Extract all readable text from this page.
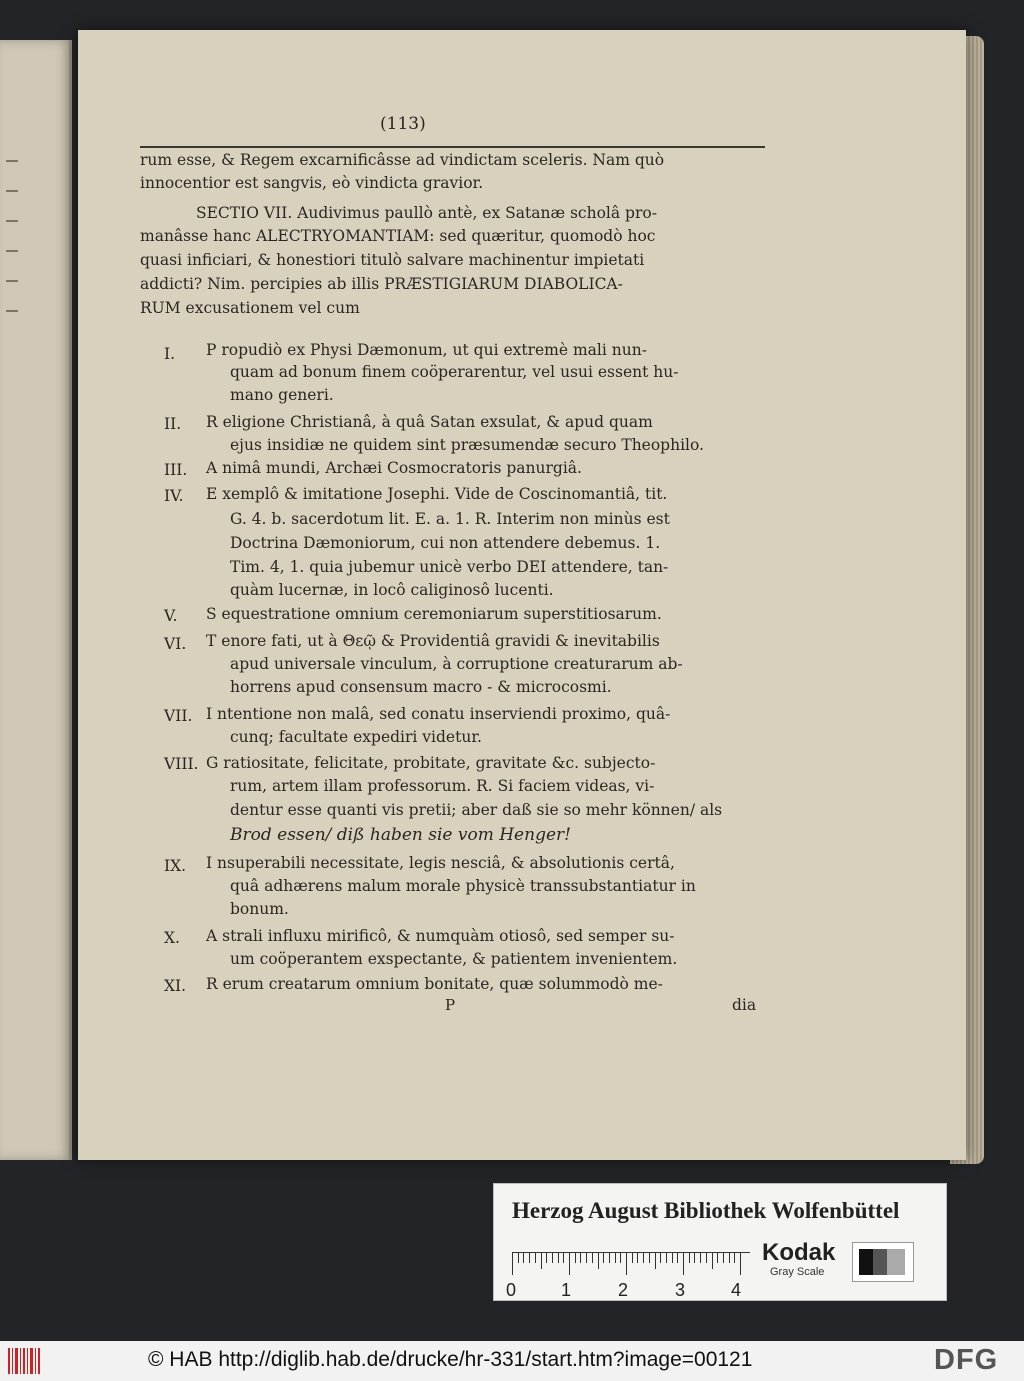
(113)
rum esse, & Regem excarnificâsse ad vindictam sceleris. Nam quò
innocentior est sangvis, eò vindicta gravior.
SECTIO VII. Audivimus paullò antè, ex Satanæ scholâ pro-
manâsse hanc ALECTRYOMANTIAM: sed quæritur, quomodò hoc
quasi inficiari, & honestiori titulò salvare machinentur impietati
addicti? Nim. percipies ab illis PRÆSTIGIARUM DIABOLICA-
RUM excusationem vel cum
I. P ropudiò ex Physi Dæmonum, ut qui extremè mali nun-
quam ad bonum finem coöperarentur, vel usui essent hu-
mano generi.
II. R eligione Christianâ, à quâ Satan exsulat, & apud quam
ejus insidiæ ne quidem sint præsumendæ securo Theophilo.
III. A nimâ mundi, Archæi Cosmocratoris panurgiâ.
IV. E xemplô & imitatione Josephi. Vide de Coscinomantiâ, tit.
G. 4. b. sacerdotum lit. E. a. 1. R. Interim non minùs est
Doctrina Dæmoniorum, cui non attendere debemus. 1.
Tim. 4, 1. quia jubemur unicè verbo DEI attendere, tan-
quàm lucernæ, in locô caliginosô lucenti.
V. S equestratione omnium ceremoniarum superstitiosarum.
VI. T enore fati, ut à Θεῷ & Providentiâ gravidi & inevitabilis
apud universale vinculum, à corruptione creaturarum ab-
horrens apud consensum macro - & microcosmi.
VII. I ntentione non malâ, sed conatu inserviendi proximo, quâ-
cunq; facultate expediri videtur.
VIII. G ratiositate, felicitate, probitate, gravitate &c. subjecto-
rum, artem illam professorum. R. Si faciem videas, vi-
dentur esse quanti vis pretii; aber daß sie so mehr können/ als
Brod essen/ diß haben sie vom Henger!
IX. I nsuperabili necessitate, legis nesciâ, & absolutionis certâ,
quâ adhærens malum morale physicè transsubstantiatur in
bonum.
X. A strali influxu mirificô, & numquàm otiosô, sed semper su-
um coöperantem exspectante, & patientem invenientem.
XI. R erum creatarum omnium bonitate, quæ solummodò me-
P	dia
Herzog August Bibliothek Wolfenbüttel
0 1	2	3	4
Kodak
Gray Scale
© HAB http://diglib.hab.de/drucke/hr-331/start.htm?image=00121	DFG
